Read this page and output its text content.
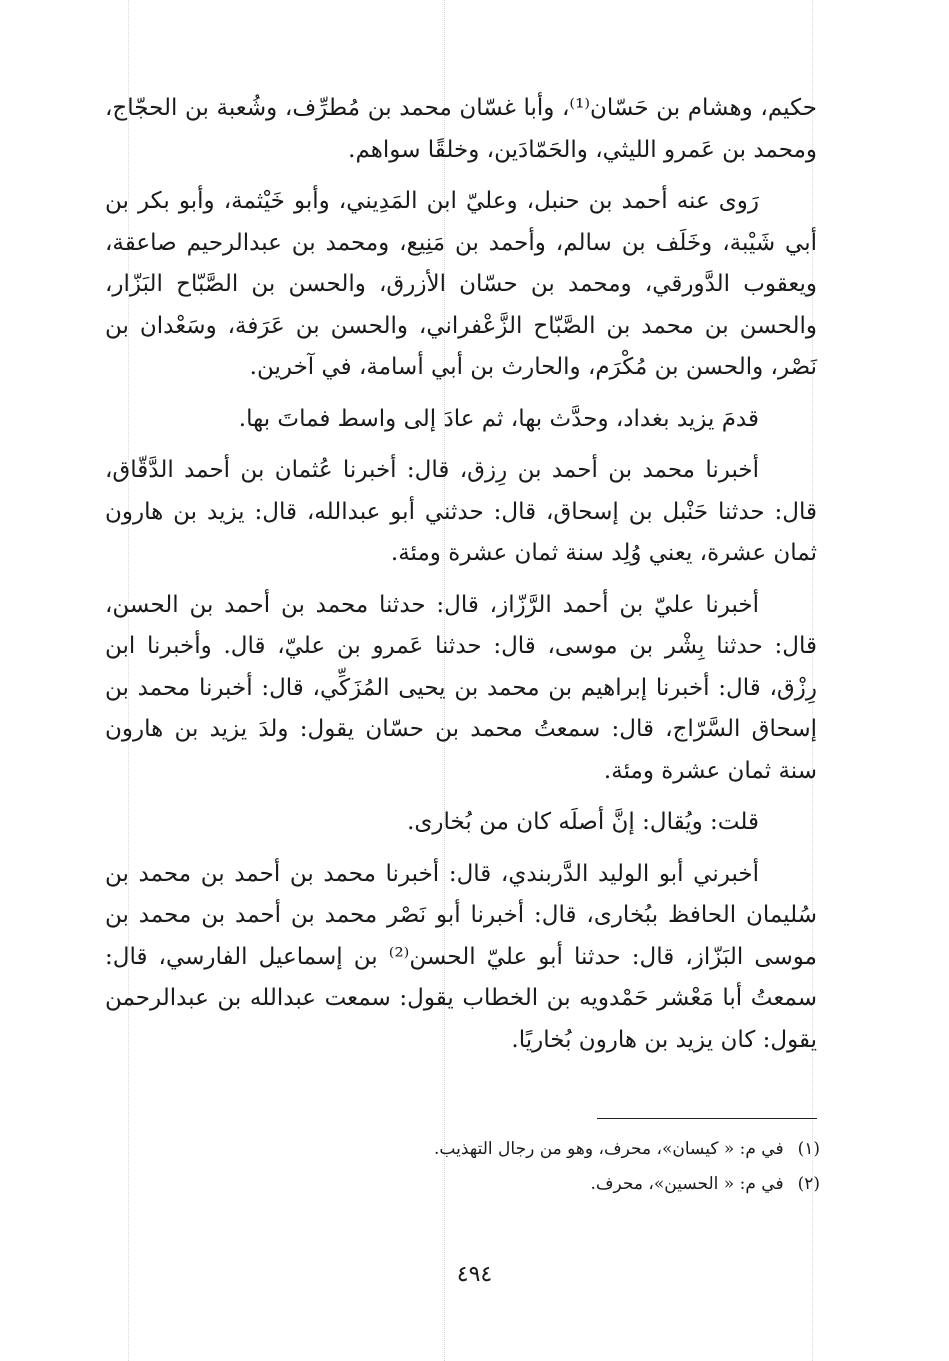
حكيم، وهشام بن حَسّان⁽¹⁾، وأبا غسّان محمد بن مُطرِّف، وشُعبة بن الحجّاج، ومحمد بن عَمرو الليثي، والحَمّادَين، وخلقًا سواهم.

رَوى عنه أحمد بن حنبل، وعليّ ابن المَدِيني، وأبو خَيْثمة، وأبو بكر بن أبي شَيْبة، وخَلَف بن سالم، وأحمد بن مَنِيع، ومحمد بن عبدالرحيم صاعقة، ويعقوب الدَّورقي، ومحمد بن حسّان الأزرق، والحسن بن الصَّبّاح البَزّار، والحسن بن محمد بن الصَّبّاح الزَّعْفراني، والحسن بن عَرَفة، وسَعْدان بن نَصْر، والحسن بن مُكْرَم، والحارث بن أبي أسامة، في آخرين.

قدمَ يزيد بغداد، وحدَّث بها، ثم عادَ إلى واسط فماتَ بها.

أخبرنا محمد بن أحمد بن رِزق، قال: أخبرنا عُثمان بن أحمد الدَّقّاق، قال: حدثنا حَنْبل بن إسحاق، قال: حدثني أبو عبدالله، قال: يزيد بن هارون ثمان عشرة، يعني وُلِد سنة ثمان عشرة ومئة.

أخبرنا عليّ بن أحمد الرَّزّاز، قال: حدثنا محمد بن أحمد بن الحسن، قال: حدثنا بِشْر بن موسى، قال: حدثنا عَمرو بن عليّ، قال. وأخبرنا ابن رِزْق، قال: أخبرنا إبراهيم بن محمد بن يحيى المُزَكِّي، قال: أخبرنا محمد بن إسحاق السَّرّاج، قال: سمعتُ محمد بن حسّان يقول: ولدَ يزيد بن هارون سنة ثمان عشرة ومئة.

قلت: ويُقال: إنَّ أصلَه كان من بُخارى.

أخبرني أبو الوليد الدَّربندي، قال: أخبرنا محمد بن أحمد بن محمد بن سُليمان الحافظ ببُخارى، قال: أخبرنا أبو نَصْر محمد بن أحمد بن محمد بن موسى البَزّاز، قال: حدثنا أبو عليّ الحسن⁽²⁾ بن إسماعيل الفارسي، قال: سمعتُ أبا مَعْشر حَمْدويه بن الخطاب يقول: سمعت عبدالله بن عبدالرحمن يقول: كان يزيد بن هارون بُخاريًا.

(١)في م: « كيسان»، محرف، وهو من رجال التهذيب.

(٢)في م: « الحسين»، محرف.

٤٩٤
